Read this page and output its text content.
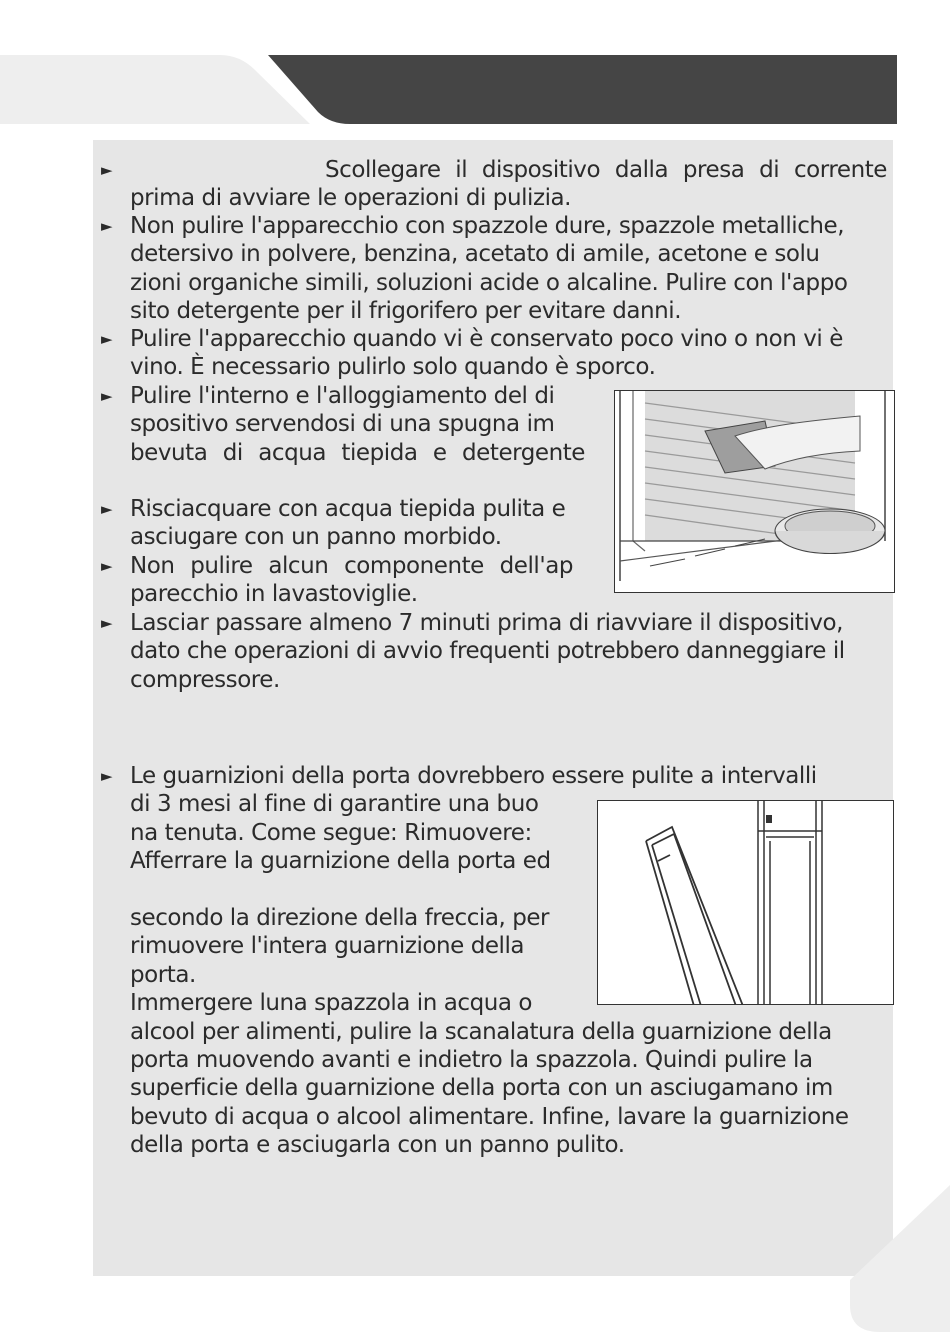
►	Scollegare il dispositivo dalla presa di corrente
prima di avviare le operazioni di pulizia.
► Non pulire l'apparecchio con spazzole dure, spazzole metalliche,
detersivo in polvere, benzina, acetato di amile, acetone e solu
zioni organiche simili, soluzioni acide o alcaline. Pulire con l'appo
sito detergente per il frigorifero per evitare danni.
► Pulire l'apparecchio quando vi è conservato poco vino o non vi è
vino. È necessario pulirlo solo quando è sporco.
► Pulire l'interno e l'alloggiamento del di
spositivo servendosi di una spugna im
bevuta di acqua tiepida e detergente
► Risciacquare con acqua tiepida pulita e
asciugare con un panno morbido.
► Non pulire alcun componente dell'ap
parecchio in lavastoviglie.
► Lasciar passare almeno 7 minuti prima di riavviare il dispositivo,
dato che operazioni di avvio frequenti potrebbero danneggiare il
compressore.
► Le guarnizioni della porta dovrebbero essere pulite a intervalli
di 3 mesi al fine di garantire una buo
na tenuta. Come segue: Rimuovere:
Afferrare la guarnizione della porta ed
secondo la direzione della freccia, per
rimuovere l'intera guarnizione della
porta.
Immergere luna spazzola in acqua o
alcool per alimenti, pulire la scanalatura della guarnizione della
porta muovendo avanti e indietro la spazzola. Quindi pulire la
superficie della guarnizione della porta con un asciugamano im
bevuto di acqua o alcool alimentare. Infine, lavare la guarnizione
della porta e asciugarla con un panno pulito.
